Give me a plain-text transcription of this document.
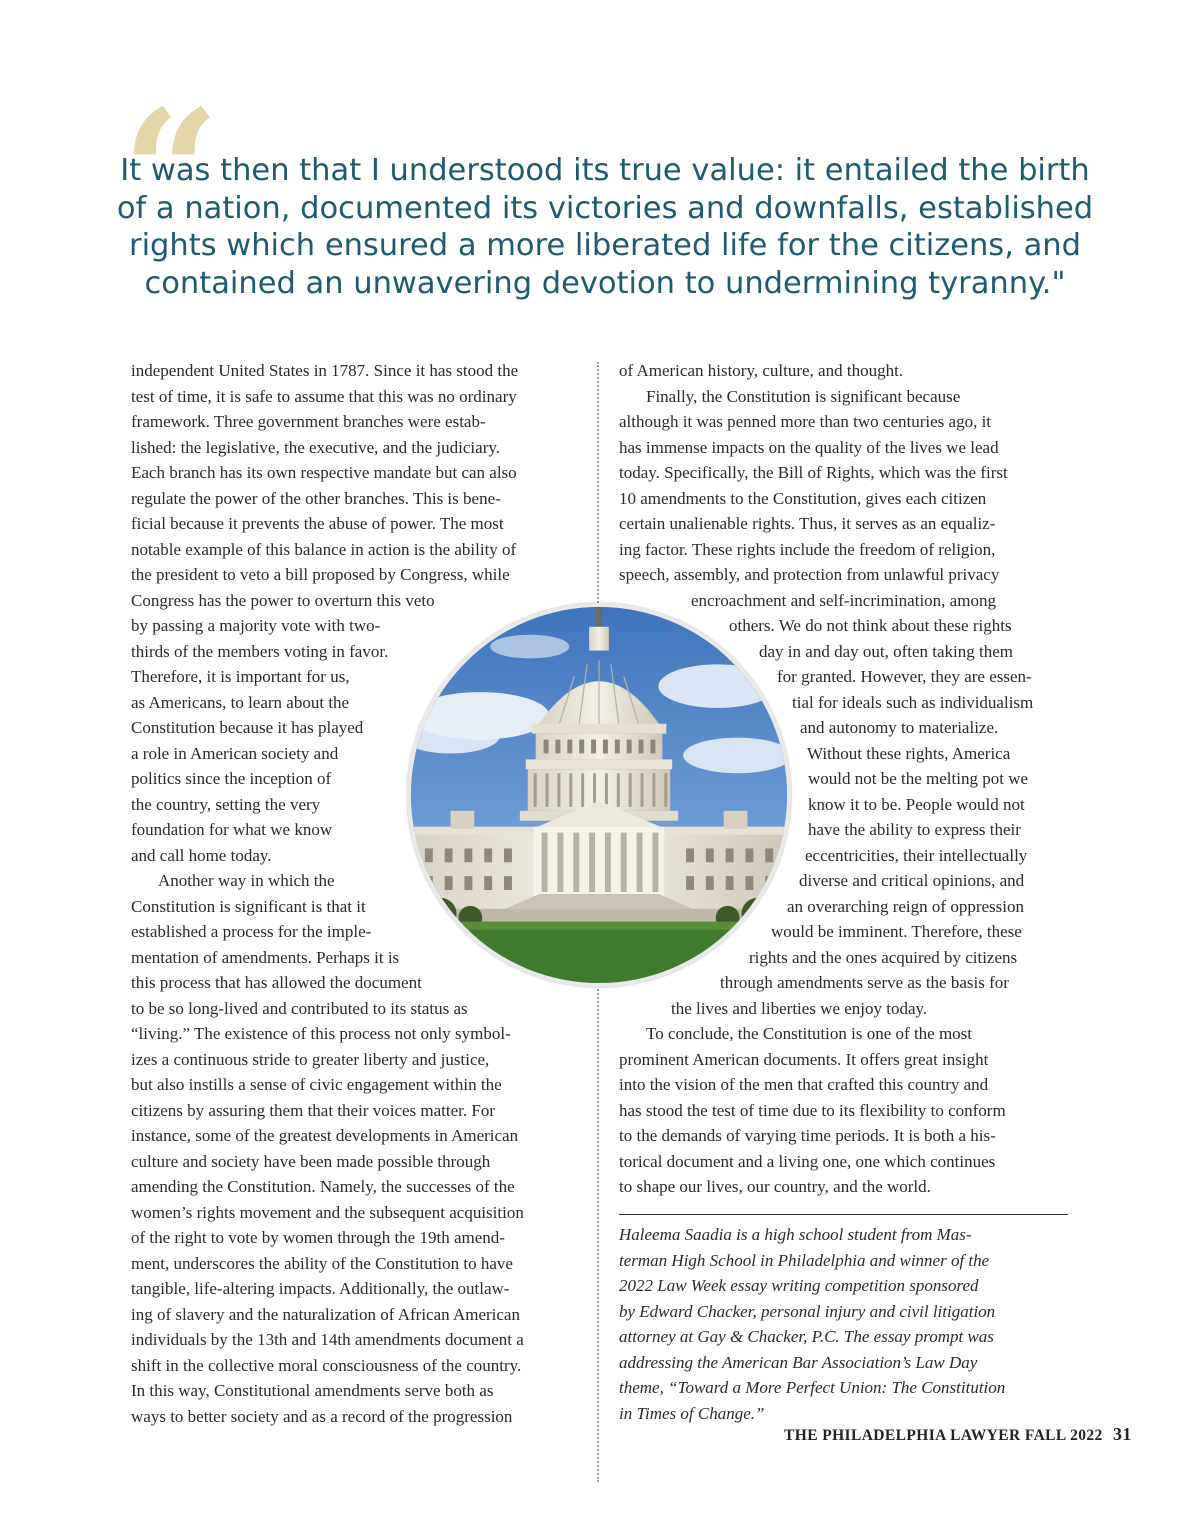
“
It was then that I understood its true value: it entailed the birth
of a nation, documented its victories and downfalls, established
rights which ensured a more liberated life for the citizens, and
contained an unwavering devotion to undermining tyranny."
independent United States in 1787. Since it has stood the
test of time, it is safe to assume that this was no ordinary
framework. Three government branches were estab-
lished: the legislative, the executive, and the judiciary.
Each branch has its own respective mandate but can also
regulate the power of the other branches. This is bene-
ficial because it prevents the abuse of power. The most
notable example of this balance in action is the ability of
the president to veto a bill proposed by Congress, while
Congress has the power to overturn this veto
by passing a majority vote with two-
thirds of the members voting in favor.
Therefore, it is important for us,
as Americans, to learn about the
Constitution because it has played
a role in American society and
politics since the inception of
the country, setting the very
foundation for what we know
and call home today.
Another way in which the
Constitution is significant is that it
established a process for the imple-
mentation of amendments. Perhaps it is
this process that has allowed the document
to be so long-lived and contributed to its status as
“living.” The existence of this process not only symbol-
izes a continuous stride to greater liberty and justice,
but also instills a sense of civic engagement within the
citizens by assuring them that their voices matter. For
instance, some of the greatest developments in American
culture and society have been made possible through
amending the Constitution. Namely, the successes of the
women’s rights movement and the subsequent acquisition
of the right to vote by women through the 19th amend-
ment, underscores the ability of the Constitution to have
tangible, life-altering impacts. Additionally, the outlaw-
ing of slavery and the naturalization of African American
individuals by the 13th and 14th amendments document a
shift in the collective moral consciousness of the country.
In this way, Constitutional amendments serve both as
ways to better society and as a record of the progression
of American history, culture, and thought.
Finally, the Constitution is significant because
although it was penned more than two centuries ago, it
has immense impacts on the quality of the lives we lead
today. Specifically, the Bill of Rights, which was the first
10 amendments to the Constitution, gives each citizen
certain unalienable rights. Thus, it serves as an equaliz-
ing factor. These rights include the freedom of religion,
speech, assembly, and protection from unlawful privacy
encroachment and self-incrimination, among
others. We do not think about these rights
day in and day out, often taking them
for granted. However, they are essen-
tial for ideals such as individualism
and autonomy to materialize.
Without these rights, America
would not be the melting pot we
know it to be. People would not
have the ability to express their
eccentricities, their intellectually
diverse and critical opinions, and
an overarching reign of oppression
would be imminent. Therefore, these
rights and the ones acquired by citizens
through amendments serve as the basis for
the lives and liberties we enjoy today.
To conclude, the Constitution is one of the most
prominent American documents. It offers great insight
into the vision of the men that crafted this country and
has stood the test of time due to its flexibility to conform
to the demands of varying time periods. It is both a his-
torical document and a living one, one which continues
to shape our lives, our country, and the world.
Haleema Saadia is a high school student from Mas-
terman High School in Philadelphia and winner of the
2022 Law Week essay writing competition sponsored
by Edward Chacker, personal injury and civil litigation
attorney at Gay & Chacker, P.C. The essay prompt was
addressing the American Bar Association’s Law Day
theme, “Toward a More Perfect Union: The Constitution
in Times of Change.”
THE PHILADELPHIA LAWYER FALL 2022 31
